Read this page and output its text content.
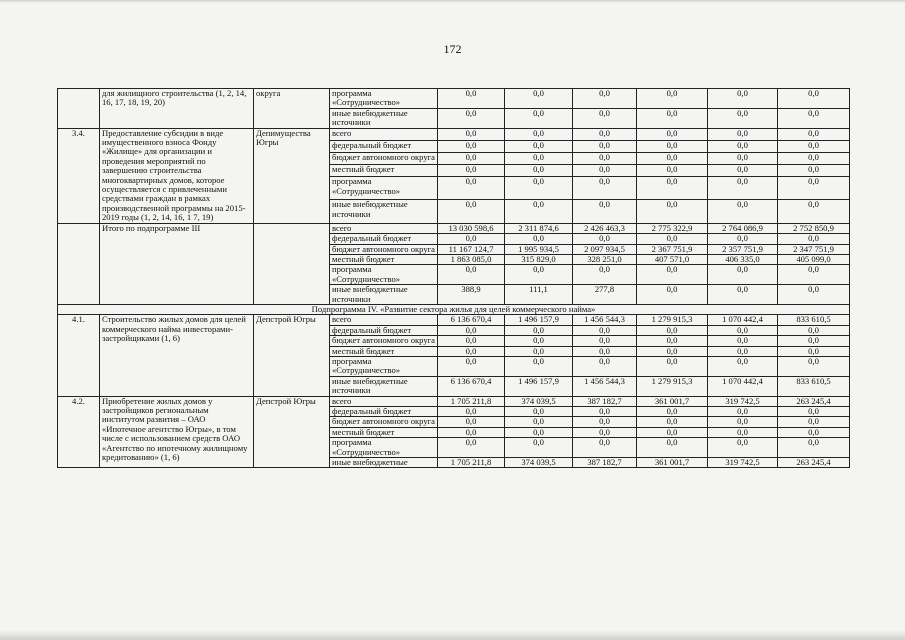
172
	для жилищного строительства (1, 2, 14, 16, 17, 18, 19, 20)	округа	программа «Сотрудничество»	0,0	0,0	0,0	0,0	0,0	0,0
			иные внебюджетные источники	0,0	0,0	0,0	0,0	0,0	0,0
3.4.	Предоставление субсидии в виде имущественного взноса Фонду «Жилище» для организации и проведения мероприятий по завершению строительства многоквартирных домов, которое осуществляется с привлеченными средствами граждан в рамках производственной программы на 2015-2019 годы (1, 2, 14, 16, 1 7, 19)	Депимущества Югры	всего	0,0	0,0	0,0	0,0	0,0	0,0
			федеральный бюджет	0,0	0,0	0,0	0,0	0,0	0,0
			бюджет автономного округа	0,0	0,0	0,0	0,0	0,0	0,0
			местный бюджет	0,0	0,0	0,0	0,0	0,0	0,0
			программа «Сотрудничество»	0,0	0,0	0,0	0,0	0,0	0,0
			иные внебюджетные источники	0,0	0,0	0,0	0,0	0,0	0,0
	Итого по подпрограмме III		всего	13 030 598,6	2 311 874,6	2 426 463,3	2 775 322,9	2 764 086,9	2 752 850,9
			федеральный бюджет	0,0	0,0	0,0	0,0	0,0	0,0
			бюджет автономного округа	11 167 124,7	1 995 934,5	2 097 934,5	2 367 751,9	2 357 751,9	2 347 751,9
			местный бюджет	1 863 085,0	315 829,0	328 251,0	407 571,0	406 335,0	405 099,0
			программа «Сотрудничество»	0,0	0,0	0,0	0,0	0,0	0,0
			иные внебюджетные источники	388,9	111,1	277,8	0,0	0,0	0,0
Подпрограмма IV. «Развитие сектора жилья для целей коммерческого найма»									
4.1.	Строительство жилых домов для целей коммерческого найма инвесторами-застройщиками (1, 6)	Депстрой Югры	всего	6 136 670,4	1 496 157,9	1 456 544,3	1 279 915,3	1 070 442,4	833 610,5
			федеральный бюджет	0,0	0,0	0,0	0,0	0,0	0,0
			бюджет автономного округа	0,0	0,0	0,0	0,0	0,0	0,0
			местный бюджет	0,0	0,0	0,0	0,0	0,0	0,0
			программа «Сотрудничество»	0,0	0,0	0,0	0,0	0,0	0,0
			иные внебюджетные источники	6 136 670,4	1 496 157,9	1 456 544,3	1 279 915,3	1 070 442,4	833 610,5
4.2.	Приобретение жилых домов у застройщиков региональным институтом развития – ОАО «Ипотечное агентство Югры», в том числе с использованием средств ОАО «Агентство по ипотечному жилищному кредитованию» (1, 6)	Депстрой Югры	всего	1 705 211,8	374 039,5	387 182,7	361 001,7	319 742,5	263 245,4
			федеральный бюджет	0,0	0,0	0,0	0,0	0,0	0,0
			бюджет автономного округа	0,0	0,0	0,0	0,0	0,0	0,0
			местный бюджет	0,0	0,0	0,0	0,0	0,0	0,0
			программа «Сотрудничество»	0,0	0,0	0,0	0,0	0,0	0,0
			иные внебюджетные	1 705 211,8	374 039,5	387 182,7	361 001,7	319 742,5	263 245,4
